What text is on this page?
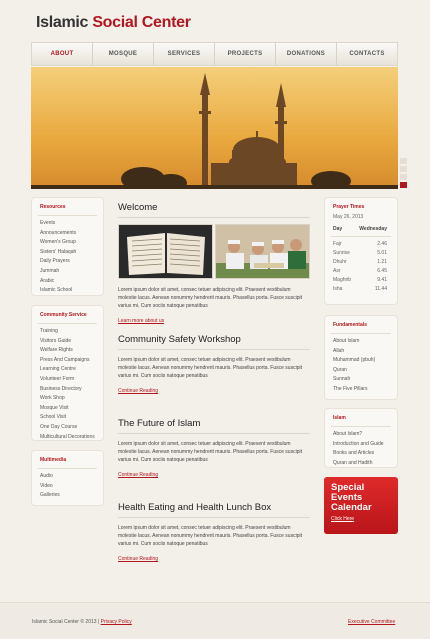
Islamic Social Center
ABOUT	MOSQUE	SERVICES	PROJECTS	DONATIONS	CONTACTS
Resources
Events
Announcements
Women's Group
Sisters' Halaqah
Daily Prayers
Jummah
Arabic
Islamic School
Community Service
Training
Visitors Guide
Welfare Rights
Press And Campaigns
Learning Centre
Volunteer Form
Business Directory
Work Shop
Mosque Visit
School Visit
One Day Course
Multicultural Decorations
Multimedia
Audio
Video
Galleries
Welcome

Lorem ipsum dolor sit amet, consec tetuer adipiscing elit. Praesent vestibulum molestie lacus. Aenean nonummy hendrerit mauris. Phasellus porta. Fusce suscipit varius mi. Cum sociis natoque penatibus

Learn more about us
Community Safety Workshop

Lorem ipsum dolor sit amet, consec tetuer adipiscing elit. Praesent vestibulum molestie lacus. Aenean nonummy hendrerit mauris. Phasellus porta. Fusce suscipit varius mi. Cum sociis natoque penatibus

Continue Reading
The Future of Islam

Lorem ipsum dolor sit amet, consec tetuer adipiscing elit. Praesent vestibulum molestie lacus. Aenean nonummy hendrerit mauris. Phasellus porta. Fusce suscipit varius mi. Cum sociis natoque penatibus

Continue Reading
Health Eating and Health Lunch Box

Lorem ipsum dolor sit amet, consec tetuer adipiscing elit. Praesent vestibulum molestie lacus. Aenean nonummy hendrerit mauris. Phasellus porta. Fusce suscipit varius mi. Cum sociis natoque penatibus

Continue Reading
Prayer Times
May 26, 2013
Day	Wednesday
Fajr	2.46
Sunrise	5.01
Dhuhr	1.21
Asr	6.45
Maghrib	9.41
Isha	11.44
Fundamentals
About Islam
Allah
Muhammad (pbuh)
Quran
Sunnah
The Five Pillars
Islam
About Islam?
Introduction and Guide
Books and Articles
Quran and Hadith
Special
Events
Calendar
Click Here
Islamic Social Center © 2013 | Privacy Policy	Executive Committee
